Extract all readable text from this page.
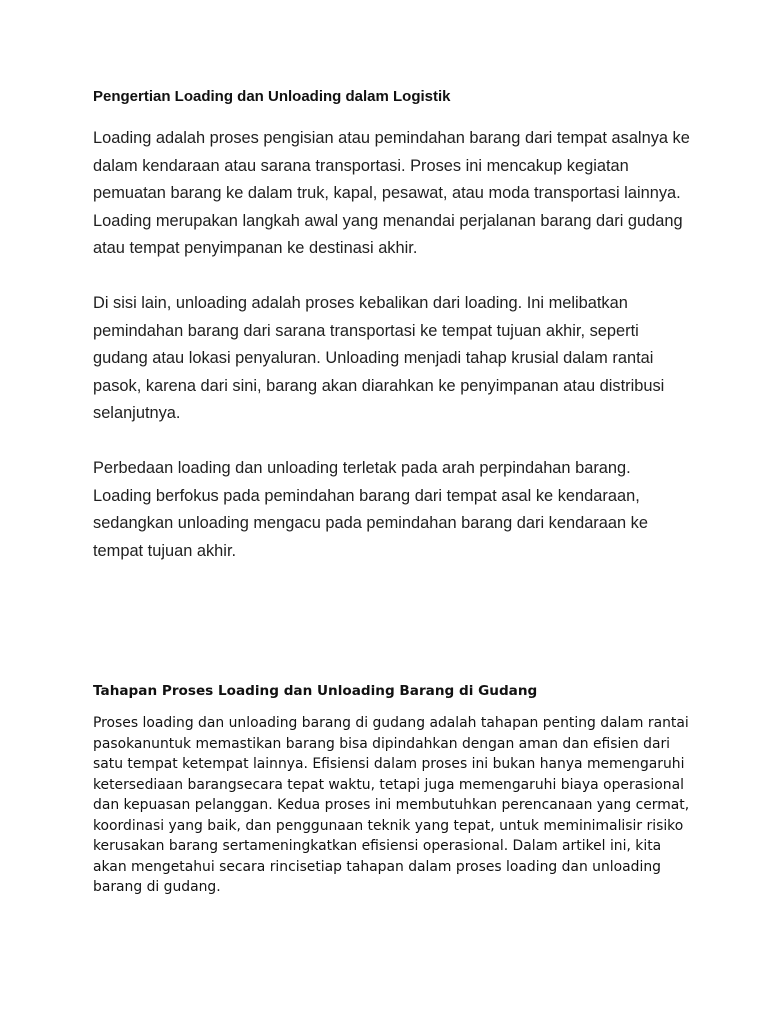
Pengertian Loading dan Unloading dalam Logistik

Loading adalah proses pengisian atau pemindahan barang dari tempat asalnya ke dalam kendaraan atau sarana transportasi. Proses ini mencakup kegiatan pemuatan barang ke dalam truk, kapal, pesawat, atau moda transportasi lainnya. Loading merupakan langkah awal yang menandai perjalanan barang dari gudang atau tempat penyimpanan ke destinasi akhir.

Di sisi lain, unloading adalah proses kebalikan dari loading. Ini melibatkan pemindahan barang dari sarana transportasi ke tempat tujuan akhir, seperti gudang atau lokasi penyaluran. Unloading menjadi tahap krusial dalam rantai pasok, karena dari sini, barang akan diarahkan ke penyimpanan atau distribusi selanjutnya.

Perbedaan loading dan unloading terletak pada arah perpindahan barang. Loading berfokus pada pemindahan barang dari tempat asal ke kendaraan, sedangkan unloading mengacu pada pemindahan barang dari kendaraan ke tempat tujuan akhir.

Tahapan Proses Loading dan Unloading Barang di Gudang

Proses loading dan unloading barang di gudang adalah tahapan penting dalam rantai pasokanuntuk memastikan barang bisa dipindahkan dengan aman dan efisien dari satu tempat ketempat lainnya. Efisiensi dalam proses ini bukan hanya memengaruhi ketersediaan barangsecara tepat waktu, tetapi juga memengaruhi biaya operasional dan kepuasan pelanggan. Kedua proses ini membutuhkan perencanaan yang cermat, koordinasi yang baik, dan penggunaan teknik yang tepat, untuk meminimalisir risiko kerusakan barang sertameningkatkan efisiensi operasional. Dalam artikel ini, kita akan mengetahui secara rincisetiap tahapan dalam proses loading dan unloading barang di gudang.
